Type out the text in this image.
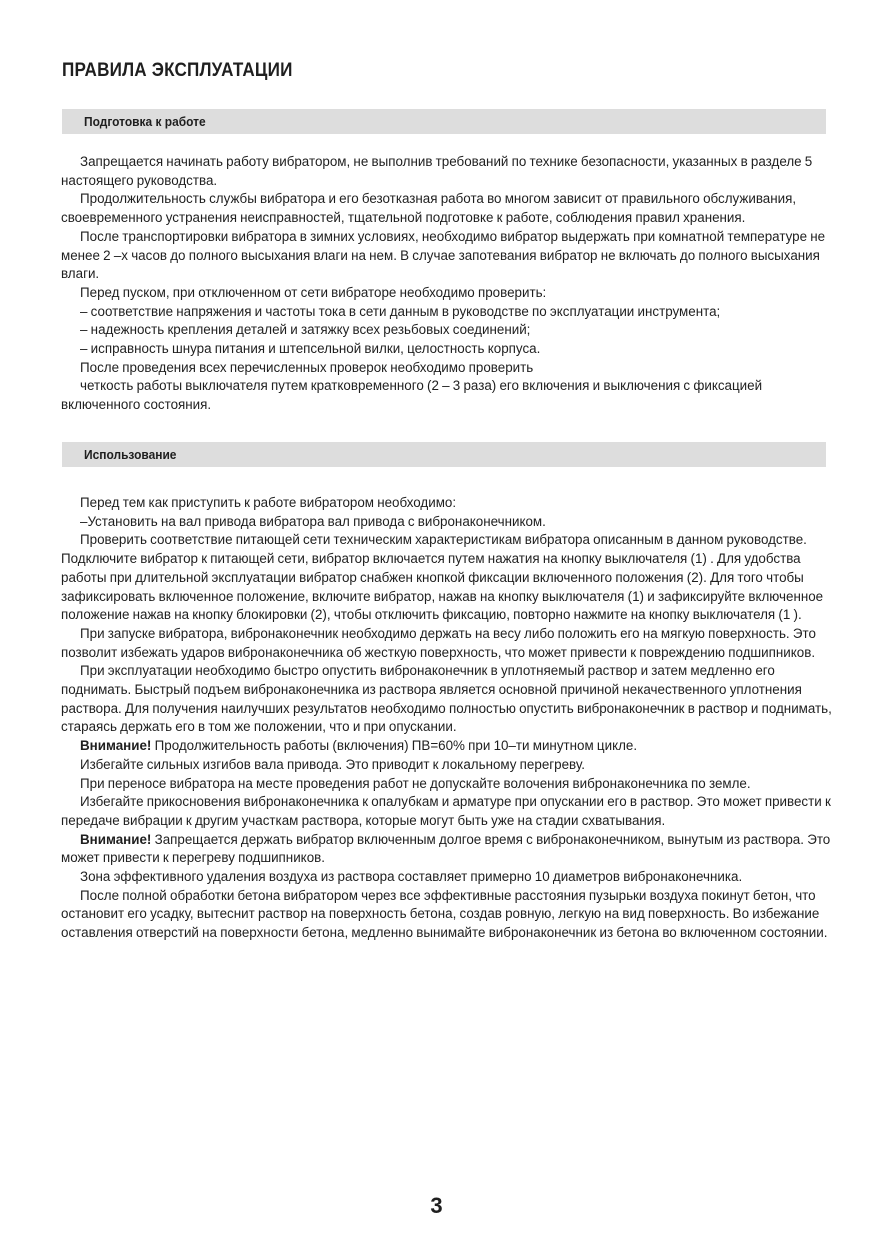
ПРАВИЛА ЭКСПЛУАТАЦИИ
Подготовка к работе

Запрещается начинать работу вибратором, не выполнив требований по технике безопасности, указанных в разделе 5 настоящего руководства.

Продолжительность службы вибратора и его безотказная работа во многом зависит от правильного обслуживания, своевременного устранения неисправностей, тщательной подготовке к работе, соблюдения правил хранения.

После транспортировки вибратора в зимних условиях, необходимо вибратор выдержать при комнатной температуре не менее 2 –х часов до полного высыхания влаги на нем. В случае запотевания вибратор не включать до полного высыхания влаги.

Перед пуском, при отключенном от сети вибраторе необходимо проверить:

– соответствие напряжения и частоты тока в сети данным в руководстве по эксплуатации инструмента;

– надежность крепления деталей и затяжку всех резьбовых соединений;

– исправность шнура питания и штепсельной вилки, целостность корпуса.

После проведения всех перечисленных проверок необходимо проверить

четкость работы выключателя путем кратковременного (2 – 3 раза) его включения и выключения с фиксацией включенного состояния.

Использование

Перед тем как приступить к работе вибратором необходимо:

–Установить на вал привода вибратора вал привода с вибронаконечником.

Проверить соответствие питающей сети техническим характеристикам вибратора описанным в данном руководстве. Подключите вибратор к питающей сети, вибратор включается путем нажатия на кнопку выключателя (1) . Для удобства работы при длительной эксплуатации вибратор снабжен кнопкой фиксации включенного положения (2). Для того чтобы зафиксировать включенное положение, включите вибратор, нажав на кнопку выключателя (1) и зафиксируйте включенное положение нажав на кнопку блокировки (2), чтобы отключить фиксацию, повторно нажмите на кнопку выключателя (1 ).

При запуске вибратора, вибронаконечник необходимо держать на весу либо положить его на мягкую поверхность. Это позволит избежать ударов вибронаконечника об жесткую поверхность, что может привести к повреждению подшипников.

При эксплуатации необходимо быстро опустить вибронаконечник в уплотняемый раствор и затем медленно его поднимать. Быстрый подъем вибронаконечника из раствора является основной причиной некачественного уплотнения раствора. Для получения наилучших результатов необходимо полностью опустить вибронаконечник в раствор и поднимать, стараясь держать его в том же положении, что и при опускании.

Внимание! Продолжительность работы (включения) ПВ=60% при 10–ти минутном цикле.

Избегайте сильных изгибов вала привода. Это приводит к локальному перегреву.

При переносе вибратора на месте проведения работ не допускайте волочения вибронаконечника по земле.

Избегайте прикосновения вибронаконечника к опалубкам и арматуре при опускании его в раствор. Это может привести к передаче вибрации к другим участкам раствора, которые могут быть уже на стадии схватывания.

Внимание! Запрещается держать вибратор включенным долгое время с вибронаконечником, вынутым из раствора. Это может привести к перегреву подшипников.

Зона эффективного удаления воздуха из раствора составляет примерно 10 диаметров вибронаконечника.

После полной обработки бетона вибратором через все эффективные расстояния пузырьки воздуха покинут бетон, что остановит его усадку, вытеснит раствор на поверхность бетона, создав ровную, легкую на вид поверхность. Во избежание оставления отверстий на поверхности бетона, медленно вынимайте вибронаконечник из бетона во включенном состоянии.

3
